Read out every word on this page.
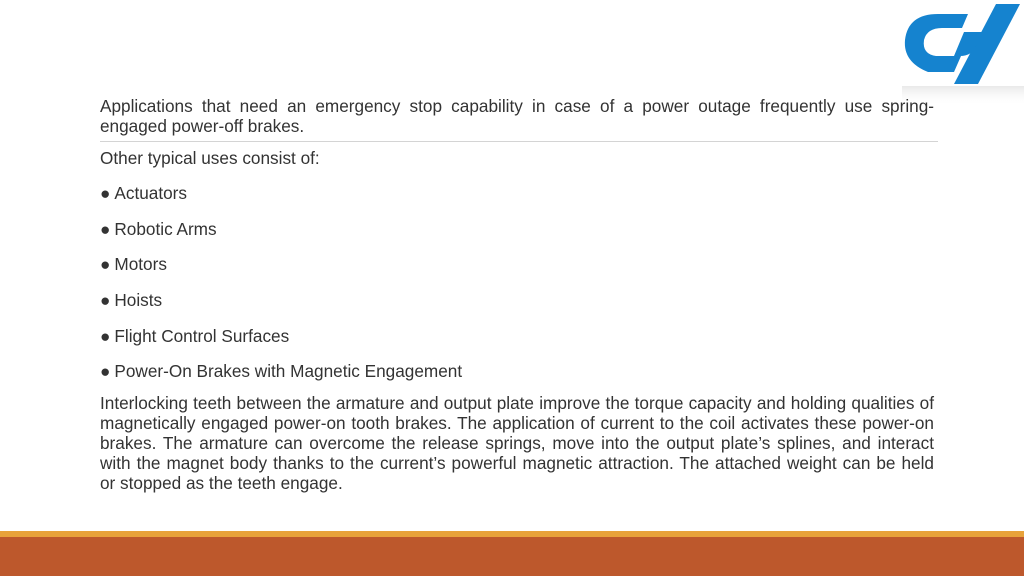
Applications that need an emergency stop capability in case of a power outage frequently use spring-engaged power-off brakes.

Other typical uses consist of:

● Actuators
● Robotic Arms
● Motors
● Hoists
● Flight Control Surfaces
● Power-On Brakes with Magnetic Engagement

Interlocking teeth between the armature and output plate improve the torque capacity and holding qualities of magnetically engaged power-on tooth brakes. The application of current to the coil activates these power-on brakes. The armature can overcome the release springs, move into the output plate’s splines, and interact with the magnet body thanks to the current’s powerful magnetic attraction. The attached weight can be held or stopped as the teeth engage.
